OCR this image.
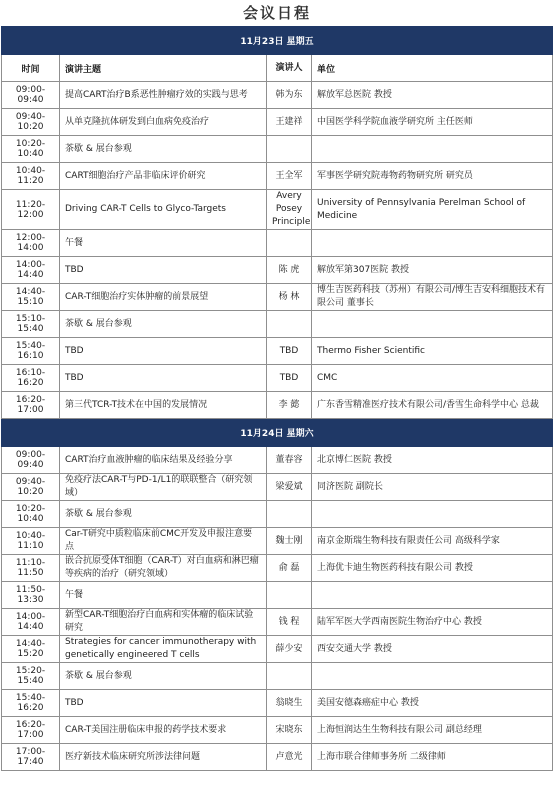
会议日程
11月23日 星期五			
时间	演讲主题	演讲人	单位
09:00-09:40	提高CART治疗B系恶性肿瘤疗效的实践与思考	韩为东	解放军总医院 教授
09:40-10:20	从单克隆抗体研发到白血病免疫治疗	王建祥	中国医学科学院血液学研究所 主任医师
10:20-10:40	茶歇 & 展台参观		
10:40-11:20	CART细胞治疗产品非临床评价研究	王全军	军事医学研究院毒物药物研究所 研究员
11:20-12:00	Driving CAR-T Cells to Glyco-Targets	Avery Posey Principle	University of Pennsylvania Perelman School of Medicine
12:00-14:00	午餐		
14:00-14:40	TBD	陈 虎	解放军第307医院 教授
14:40-15:10	CAR-T细胞治疗实体肿瘤的前景展望	杨 林	博生吉医药科技（苏州）有限公司/博生吉安科细胞技术有限公司 董事长
15:10-15:40	茶歇 & 展台参观		
15:40-16:10	TBD	TBD	Thermo Fisher Scientific
16:10-16:20	TBD	TBD	CMC
16:20-17:00	第三代TCR-T技术在中国的发展情况	李 懿	广东香雪精准医疗技术有限公司/香雪生命科学中心 总裁
11月24日 星期六			
09:00-09:40	CART治疗血液肿瘤的临床结果及经验分享	董春容	北京博仁医院 教授
09:40-10:20	免疫疗法CAR-T与PD-1/L1的联联整合（研究领域）	梁爱斌	同济医院 副院长
10:20-10:40	茶歇 & 展台参观		
10:40-11:10	Car-T研究中质粒临床前CMC开发及申报注意要点	魏士刚	南京金斯瑞生物科技有限责任公司 高级科学家
11:10-11:50	嵌合抗原受体T细胞（CAR-T）对白血病和淋巴瘤等疾病的治疗（研究领域）	俞 磊	上海优卡迪生物医药科技有限公司 教授
11:50-13:30	午餐		
14:00-14:40	新型CAR-T细胞治疗白血病和实体瘤的临床试验研究	钱 程	陆军军医大学西南医院生物治疗中心 教授
14:40-15:20	Strategies for cancer immunotherapy with genetically engineered T cells	薛少安	西安交通大学 教授
15:20-15:40	茶歇 & 展台参观		
15:40-16:20	TBD	翁晓生	美国安德森癌症中心 教授
16:20-17:00	CAR-T美国注册临床申报的药学技术要求	宋晓东	上海恒润达生生物科技有限公司 副总经理
17:00-17:40	医疗新技术临床研究所涉法律问题	卢意光	上海市联合律师事务所 二级律师
